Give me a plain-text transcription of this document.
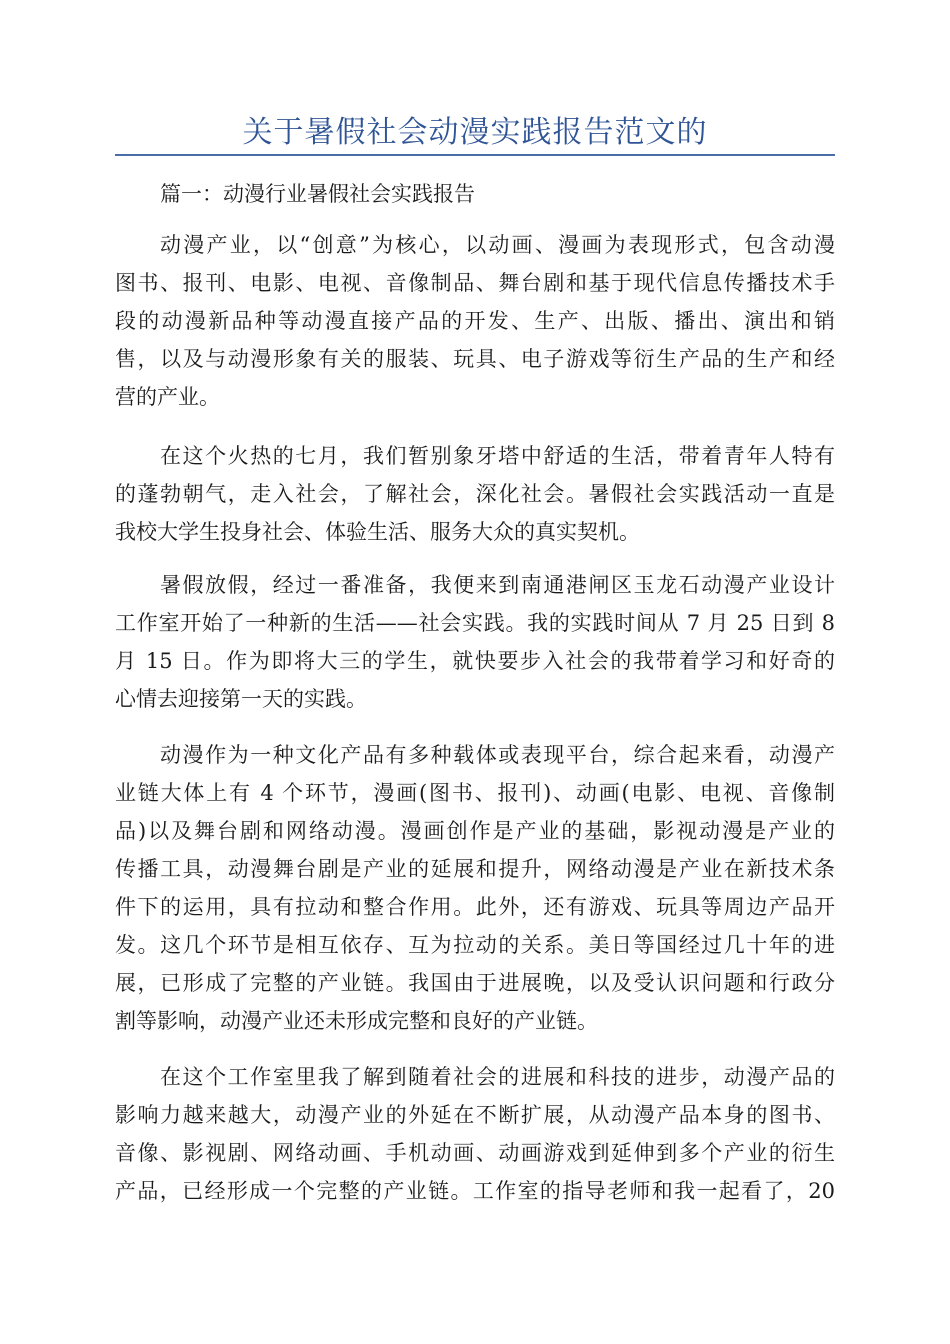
关于暑假社会动漫实践报告范文的
篇一：动漫行业暑假社会实践报告
动漫产业，以“创意”为核心，以动画、漫画为表现形式，包含动漫
图书、报刊、电影、电视、音像制品、舞台剧和基于现代信息传播技术手
段的动漫新品种等动漫直接产品的开发、生产、出版、播出、演出和销
售，以及与动漫形象有关的服装、玩具、电子游戏等衍生产品的生产和经
营的产业。
在这个火热的七月，我们暂别象牙塔中舒适的生活，带着青年人特有
的蓬勃朝气，走入社会，了解社会，深化社会。暑假社会实践活动一直是
我校大学生投身社会、体验生活、服务大众的真实契机。
暑假放假，经过一番准备，我便来到南通港闸区玉龙石动漫产业设计
工作室开始了一种新的生活——社会实践。我的实践时间从 7 月 25 日到 8
月 15 日。作为即将大三的学生，就快要步入社会的我带着学习和好奇的
心情去迎接第一天的实践。
动漫作为一种文化产品有多种载体或表现平台，综合起来看，动漫产
业链大体上有 4 个环节，漫画(图书、报刊)、动画(电影、电视、音像制
品)以及舞台剧和网络动漫。漫画创作是产业的基础，影视动漫是产业的
传播工具，动漫舞台剧是产业的延展和提升，网络动漫是产业在新技术条
件下的运用，具有拉动和整合作用。此外，还有游戏、玩具等周边产品开
发。这几个环节是相互依存、互为拉动的关系。美日等国经过几十年的进
展，已形成了完整的产业链。我国由于进展晚，以及受认识问题和行政分
割等影响，动漫产业还未形成完整和良好的产业链。
在这个工作室里我了解到随着社会的进展和科技的进步，动漫产品的
影响力越来越大，动漫产业的外延在不断扩展，从动漫产品本身的图书、
音像、影视剧、网络动画、手机动画、动画游戏到延伸到多个产业的衍生
产品，已经形成一个完整的产业链。工作室的指导老师和我一起看了，20
